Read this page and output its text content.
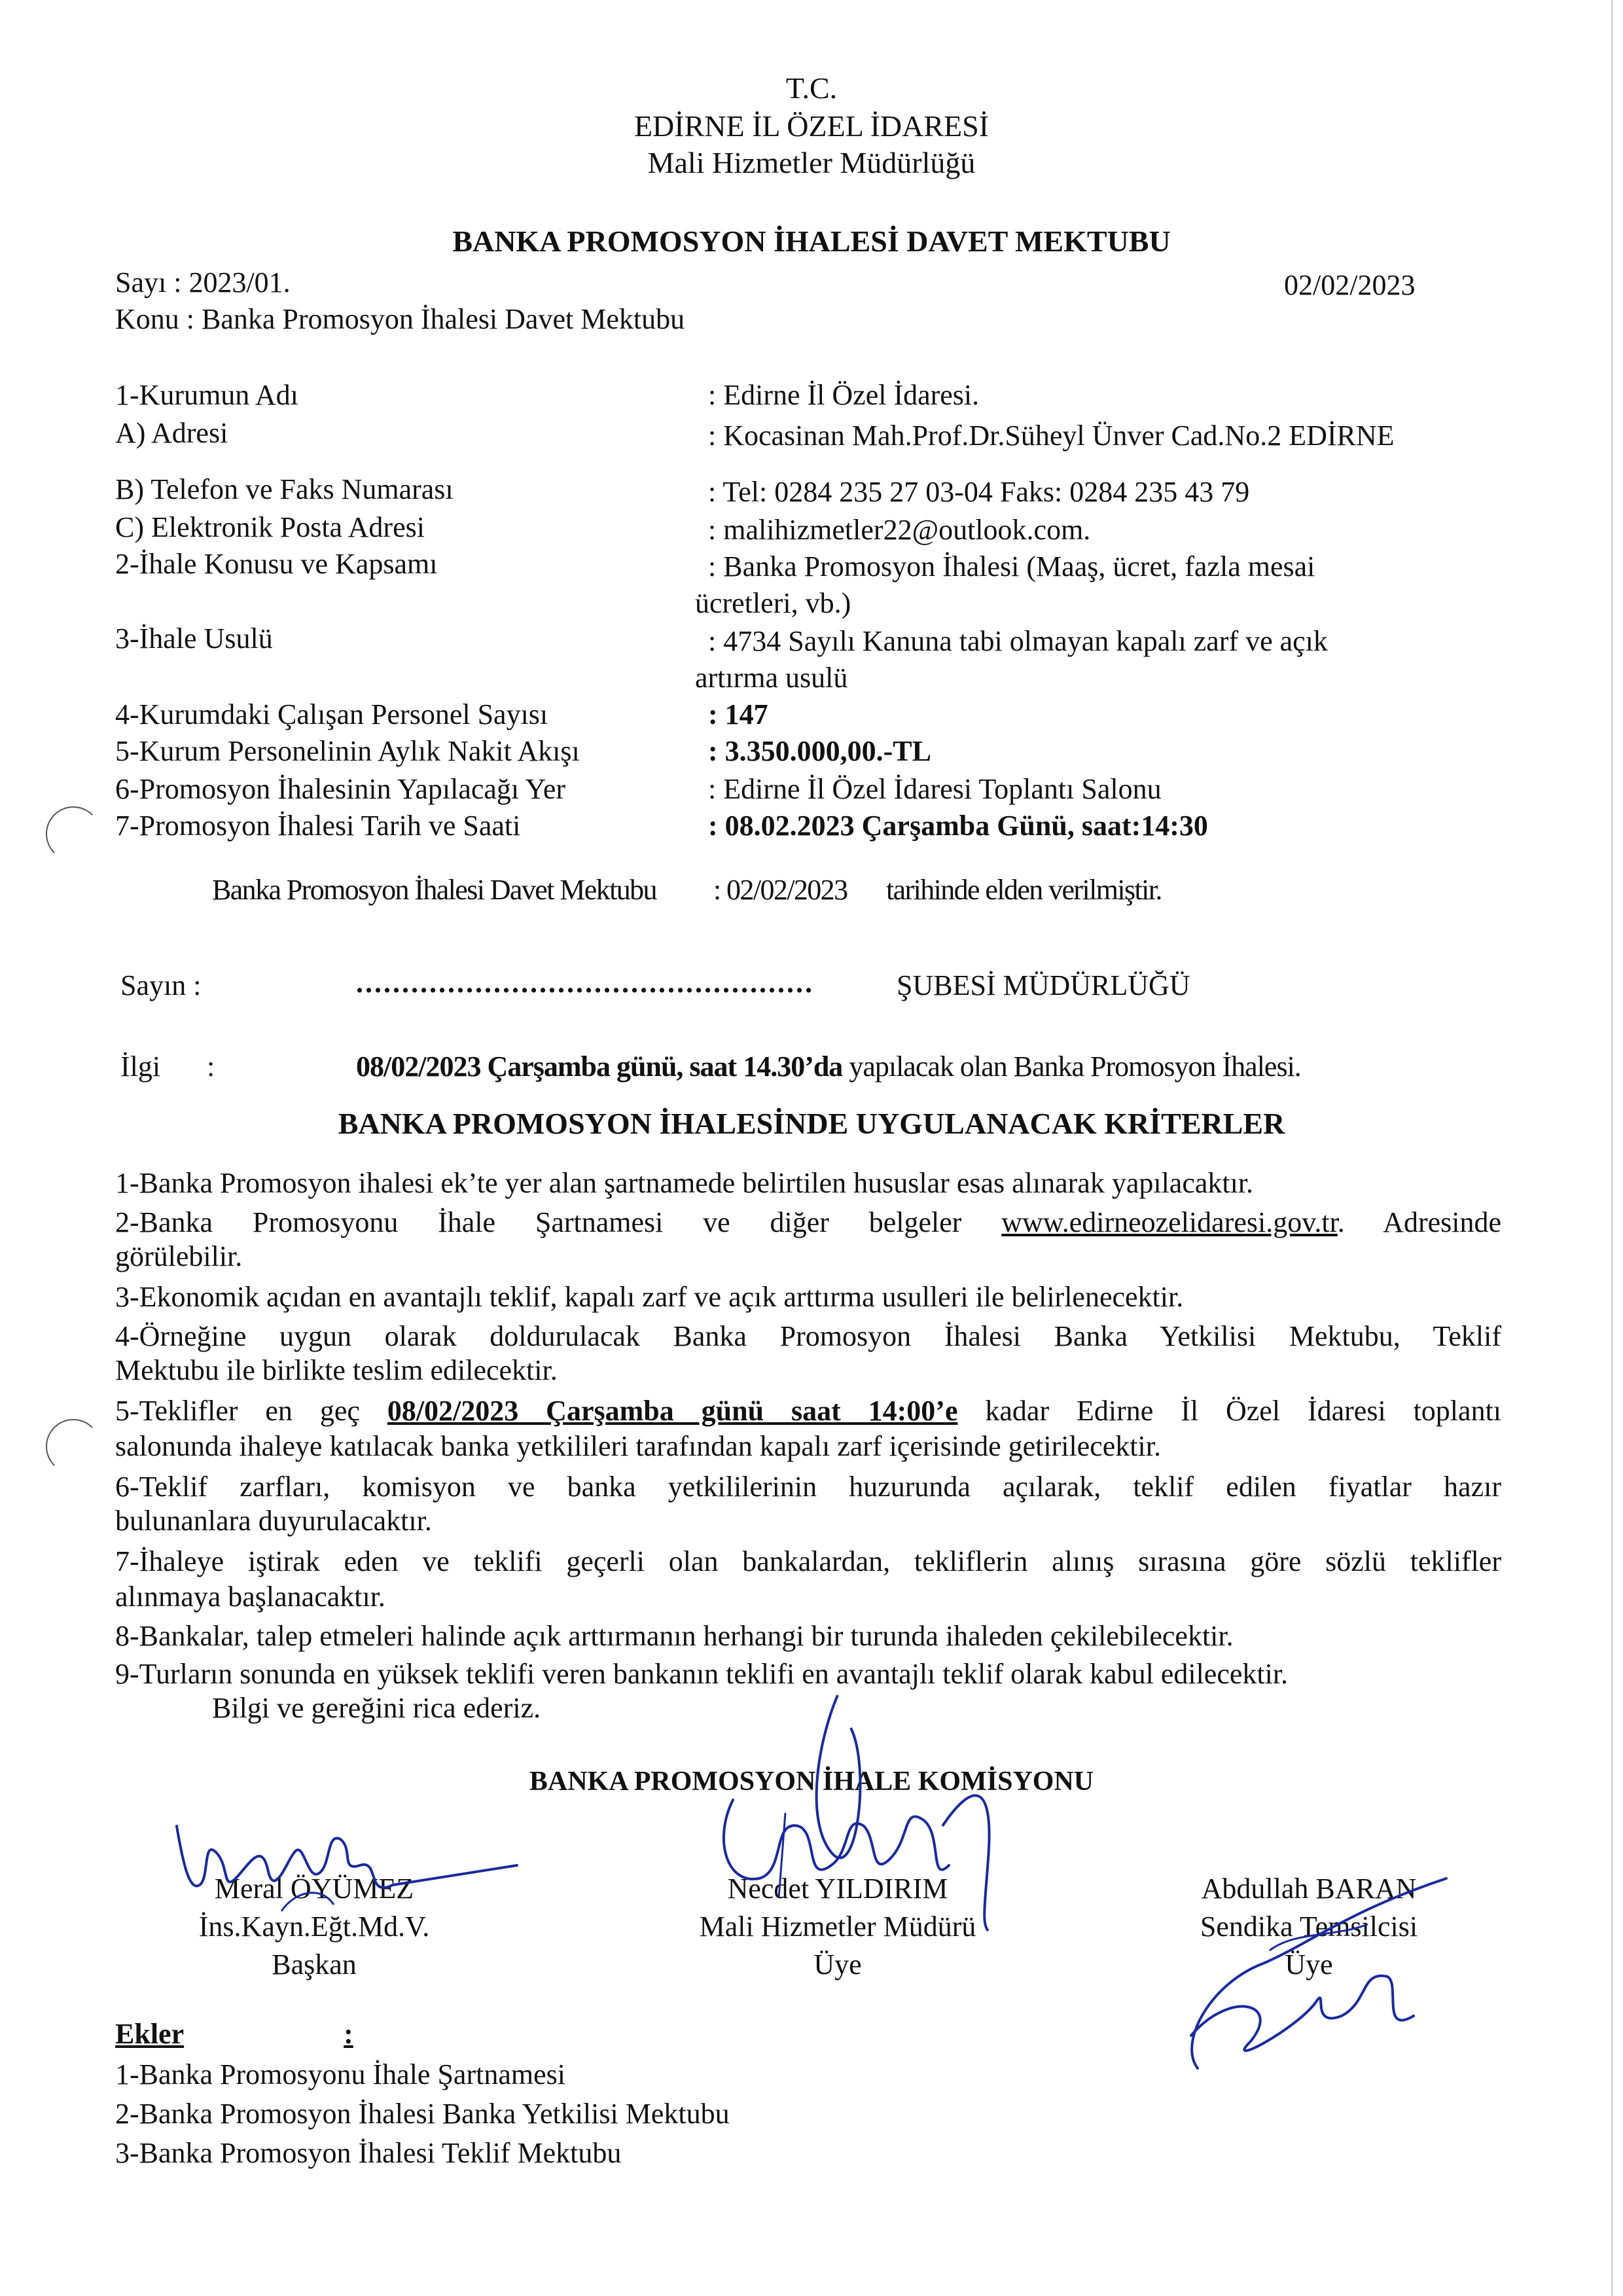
T.C.
EDİRNE İL ÖZEL İDARESİ
Mali Hizmetler Müdürlüğü
BANKA PROMOSYON İHALESİ DAVET MEKTUBU
Sayı : 2023/01.	02/02/2023
Konu : Banka Promosyon İhalesi Davet Mektubu
1-Kurumun Adı	: Edirne İl Özel İdaresi.
A) Adresi	: Kocasinan Mah.Prof.Dr.Süheyl Ünver Cad.No.2 EDİRNE
B) Telefon ve Faks Numarası	: Tel: 0284 235 27 03-04 Faks: 0284 235 43 79
C) Elektronik Posta Adresi	: malihizmetler22@outlook.com.
2-İhale Konusu ve Kapsamı	: Banka Promosyon İhalesi (Maaş, ücret, fazla mesai
ücretleri, vb.)
3-İhale Usulü	: 4734 Sayılı Kanuna tabi olmayan kapalı zarf ve açık
artırma usulü
4-Kurumdaki Çalışan Personel Sayısı	: 147
5-Kurum Personelinin Aylık Nakit Akışı	: 3.350.000,00.-TL
6-Promosyon İhalesinin Yapılacağı Yer	: Edirne İl Özel İdaresi Toplantı Salonu
7-Promosyon İhalesi Tarih ve Saati	: 08.02.2023 Çarşamba Günü, saat:14:30
Banka Promosyon İhalesi Davet Mektubu : 02/02/2023 tarihinde elden verilmiştir.
Sayın :	..................................................	ŞUBESİ MÜDÜRLÜĞÜ
İlgi :	08/02/2023 Çarşamba günü, saat 14.30’da yapılacak olan Banka Promosyon İhalesi.
BANKA PROMOSYON İHALESİNDE UYGULANACAK KRİTERLER
1-Banka Promosyon ihalesi ek’te yer alan şartnamede belirtilen hususlar esas alınarak yapılacaktır.
2-Banka Promosyonu İhale Şartnamesi ve diğer belgeler www.edirneozelidaresi.gov.tr. Adresinde
görülebilir.
3-Ekonomik açıdan en avantajlı teklif, kapalı zarf ve açık arttırma usulleri ile belirlenecektir.
4-Örneğine uygun olarak doldurulacak Banka Promosyon İhalesi Banka Yetkilisi Mektubu, Teklif
Mektubu ile birlikte teslim edilecektir.
5-Teklifler en geç 08/02/2023 Çarşamba günü saat 14:00’e kadar Edirne İl Özel İdaresi toplantı
salonunda ihaleye katılacak banka yetkilileri tarafından kapalı zarf içerisinde getirilecektir.
6-Teklif zarfları, komisyon ve banka yetkililerinin huzurunda açılarak, teklif edilen fiyatlar hazır
bulunanlara duyurulacaktır.
7-İhaleye iştirak eden ve teklifi geçerli olan bankalardan, tekliflerin alınış sırasına göre sözlü teklifler
alınmaya başlanacaktır.
8-Bankalar, talep etmeleri halinde açık arttırmanın herhangi bir turunda ihaleden çekilebilecektir.
9-Turların sonunda en yüksek teklifi veren bankanın teklifi en avantajlı teklif olarak kabul edilecektir.
Bilgi ve gereğini rica ederiz.
BANKA PROMOSYON İHALE KOMİSYONU
Meral ÖYÜMEZ
İns.Kayn.Eğt.Md.V.
Başkan
Necdet YILDIRIM
Mali Hizmetler Müdürü
Üye
Abdullah BARAN
Sendika Temsilcisi
Üye
Ekler	:
1-Banka Promosyonu İhale Şartnamesi
2-Banka Promosyon İhalesi Banka Yetkilisi Mektubu
3-Banka Promosyon İhalesi Teklif Mektubu
